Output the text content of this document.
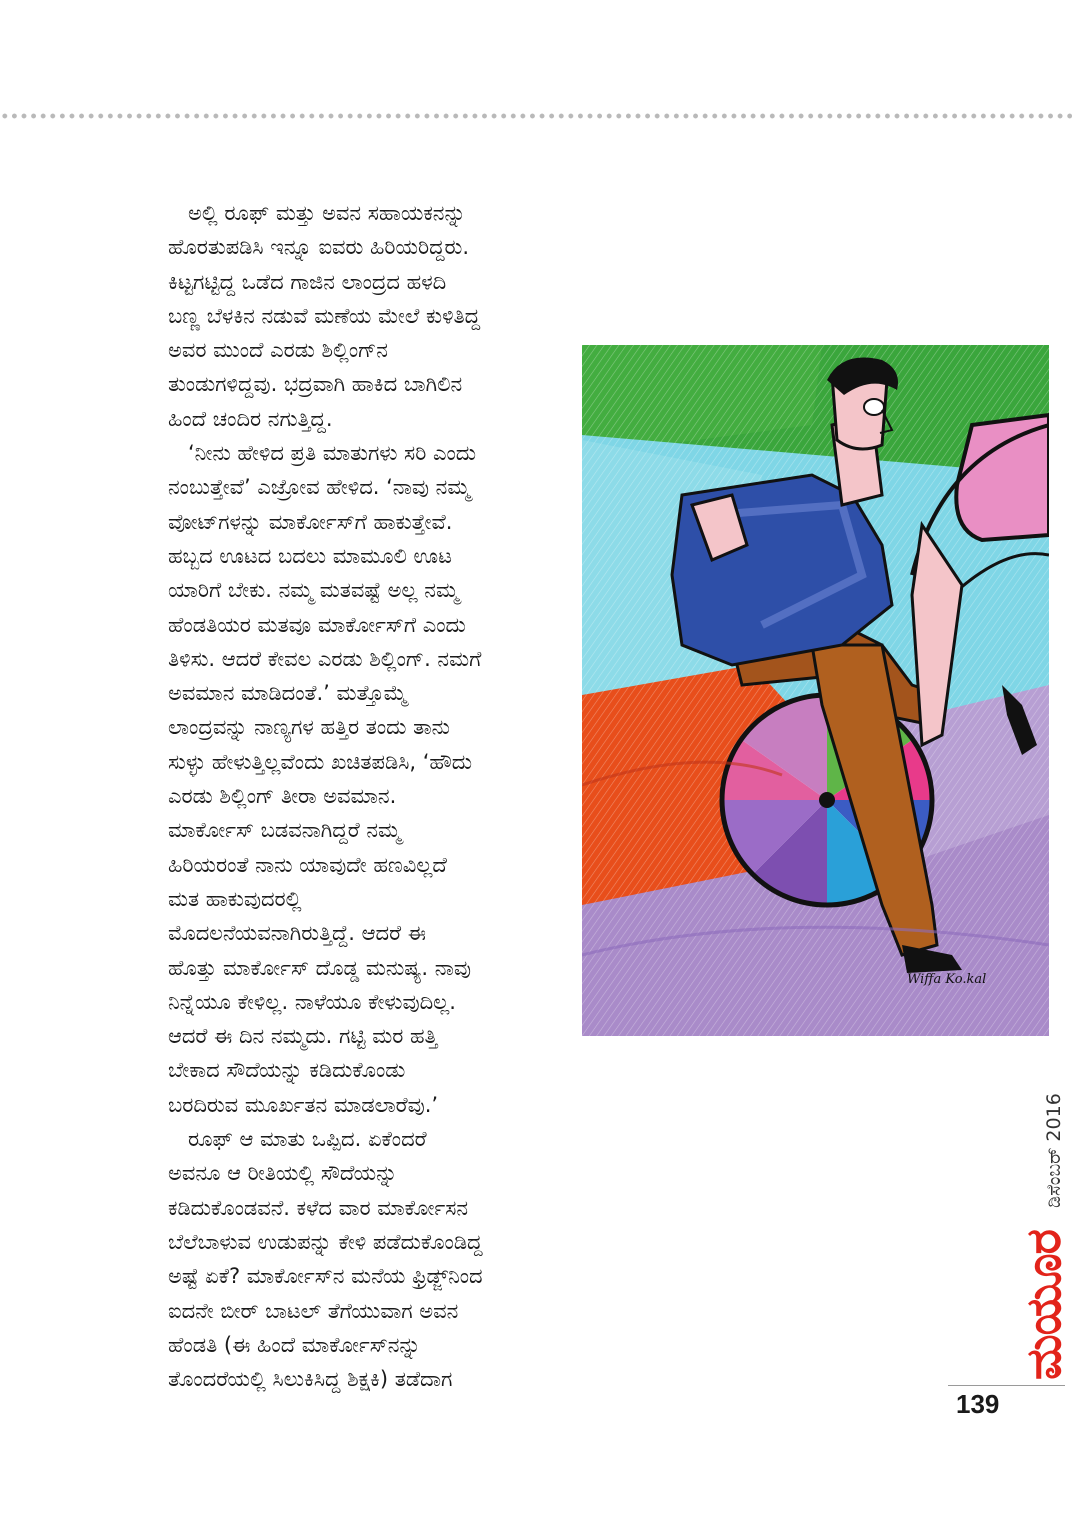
ಅಲ್ಲಿ ರೂಫ್ ಮತ್ತು ಅವನ ಸಹಾಯಕನನ್ನು
ಹೊರತುಪಡಿಸಿ ಇನ್ನೂ ಐವರು ಹಿರಿಯರಿದ್ದರು.
ಕಿಟ್ಟಗಟ್ಟಿದ್ದ ಒಡೆದ ಗಾಜಿನ ಲಾಂದ್ರದ ಹಳದಿ
ಬಣ್ಣ ಬೆಳಕಿನ ನಡುವೆ ಮಣೆಯ ಮೇಲೆ ಕುಳಿತಿದ್ದ
ಅವರ ಮುಂದೆ ಎರಡು ಶಿಲ್ಲಿಂಗ್‌ನ
ತುಂಡುಗಳಿದ್ದವು. ಭದ್ರವಾಗಿ ಹಾಕಿದ ಬಾಗಿಲಿನ
ಹಿಂದೆ ಚಂದಿರ ನಗುತ್ತಿದ್ದ.
‘ನೀನು ಹೇಳಿದ ಪ್ರತಿ ಮಾತುಗಳು ಸರಿ ಎಂದು
ನಂಬುತ್ತೇವೆ’ ಎಜ್ರೋವ ಹೇಳಿದ. ‘ನಾವು ನಮ್ಮ
ವೋಟ್‌ಗಳನ್ನು ಮಾರ್ಕೋಸ್‌ಗೆ ಹಾಕುತ್ತೇವೆ.
ಹಬ್ಬದ ಊಟದ ಬದಲು ಮಾಮೂಲಿ ಊಟ
ಯಾರಿಗೆ ಬೇಕು. ನಮ್ಮ ಮತವಷ್ಟೆ ಅಲ್ಲ ನಮ್ಮ
ಹೆಂಡತಿಯರ ಮತವೂ ಮಾರ್ಕೋಸ್‌ಗೆ ಎಂದು
ತಿಳಿಸು. ಆದರೆ ಕೇವಲ ಎರಡು ಶಿಲ್ಲಿಂಗ್. ನಮಗೆ
ಅವಮಾನ ಮಾಡಿದಂತೆ.’ ಮತ್ತೊಮ್ಮೆ
ಲಾಂದ್ರವನ್ನು ನಾಣ್ಯಗಳ ಹತ್ತಿರ ತಂದು ತಾನು
ಸುಳ್ಳು ಹೇಳುತ್ತಿಲ್ಲವೆಂದು ಖಚಿತಪಡಿಸಿ, ‘ಹೌದು
ಎರಡು ಶಿಲ್ಲಿಂಗ್ ತೀರಾ ಅವಮಾನ.
ಮಾರ್ಕೋಸ್ ಬಡವನಾಗಿದ್ದರೆ ನಮ್ಮ
ಹಿರಿಯರಂತೆ ನಾನು ಯಾವುದೇ ಹಣವಿಲ್ಲದೆ
ಮತ ಹಾಕುವುದರಲ್ಲಿ
ಮೊದಲನೆಯವನಾಗಿರುತ್ತಿದ್ದೆ. ಆದರೆ ಈ
ಹೊತ್ತು ಮಾರ್ಕೋಸ್ ದೊಡ್ಡ ಮನುಷ್ಯ. ನಾವು
ನಿನ್ನೆಯೂ ಕೇಳಿಲ್ಲ. ನಾಳೆಯೂ ಕೇಳುವುದಿಲ್ಲ.
ಆದರೆ ಈ ದಿನ ನಮ್ಮದು. ಗಟ್ಟಿ ಮರ ಹತ್ತಿ
ಬೇಕಾದ ಸೌದೆಯನ್ನು ಕಡಿದುಕೊಂಡು
ಬರದಿರುವ ಮೂರ್ಖತನ ಮಾಡಲಾರೆವು.’
ರೂಫ್ ಆ ಮಾತು ಒಪ್ಪಿದ. ಏಕೆಂದರೆ
ಅವನೂ ಆ ರೀತಿಯಲ್ಲಿ ಸೌದೆಯನ್ನು
ಕಡಿದುಕೊಂಡವನೆ. ಕಳೆದ ವಾರ ಮಾರ್ಕೋಸನ
ಬೆಲೆಬಾಳುವ ಉಡುಪನ್ನು ಕೇಳಿ ಪಡೆದುಕೊಂಡಿದ್ದ
ಅಷ್ಟೆ ಏಕೆ? ಮಾರ್ಕೋಸ್‌ನ ಮನೆಯ ಫ್ರಿಡ್ಜ್‌ನಿಂದ
ಐದನೇ ಬೀರ್ ಬಾಟಲ್ ತೆಗೆಯುವಾಗ ಅವನ
ಹೆಂಡತಿ (ಈ ಹಿಂದೆ ಮಾರ್ಕೋಸ್‌ನನ್ನು
ತೊಂದರೆಯಲ್ಲಿ ಸಿಲುಕಿಸಿದ್ದ ಶಿಕ್ಷಕಿ) ತಡೆದಾಗ
Wiffa Ko.kal
ಮಯೂರ
ಡಿಸೆಂಬರ್ 2016
139
